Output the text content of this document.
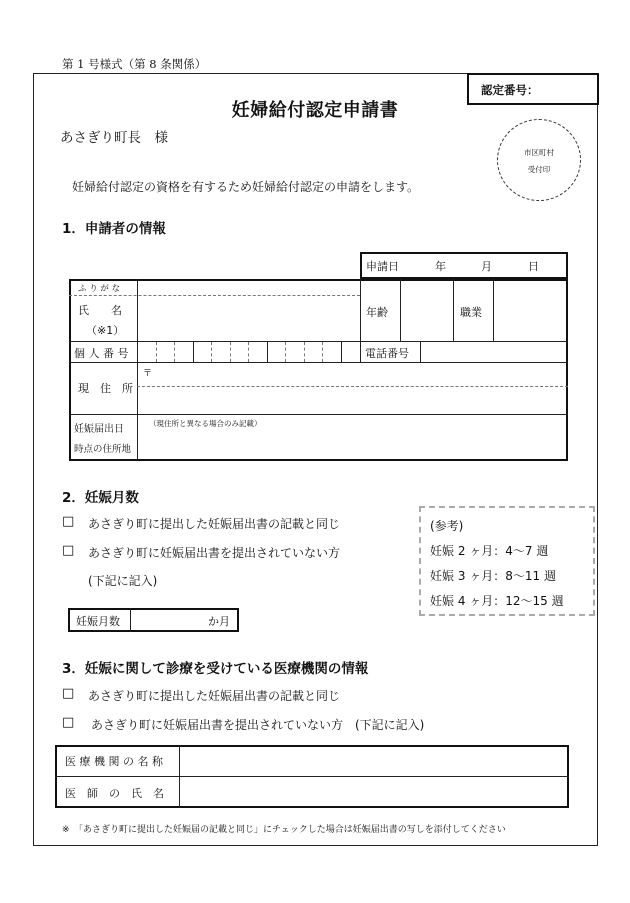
第 1 号様式（第 8 条関係）
認定番号：
妊婦給付認定申請書
市区町村
受付印
あさぎり町長　様
妊婦給付認定の資格を有するため妊婦給付認定の申請をします。
1．申請者の情報
申請日	年	月	日
ふ り が な
氏　　名
（※1）
年齢	職業
個 人 番 号	電話番号
現　住　所
〒
妊娠届出日
時点の住所地
（現住所と異なる場合のみ記載）
2．妊娠月数
□ あさぎり町に提出した妊娠届出書の記載と同じ
□ あさぎり町に妊娠届出書を提出されていない方
(下記に記入)
妊娠月数	か月
(参考)
妊娠 2 ヶ月：4〜7 週
妊娠 3 ヶ月：8〜11 週
妊娠 4 ヶ月：12〜15 週
3．妊娠に関して診療を受けている医療機関の情報
□ あさぎり町に提出した妊娠届出書の記載と同じ
□ あさぎり町に妊娠届出書を提出されていない方　(下記に記入)
医 療 機 関 の 名 称
医　師　の　氏　名
※　「あさぎり町に提出した妊娠届の記載と同じ」にチェックした場合は妊娠届出書の写しを添付してください
